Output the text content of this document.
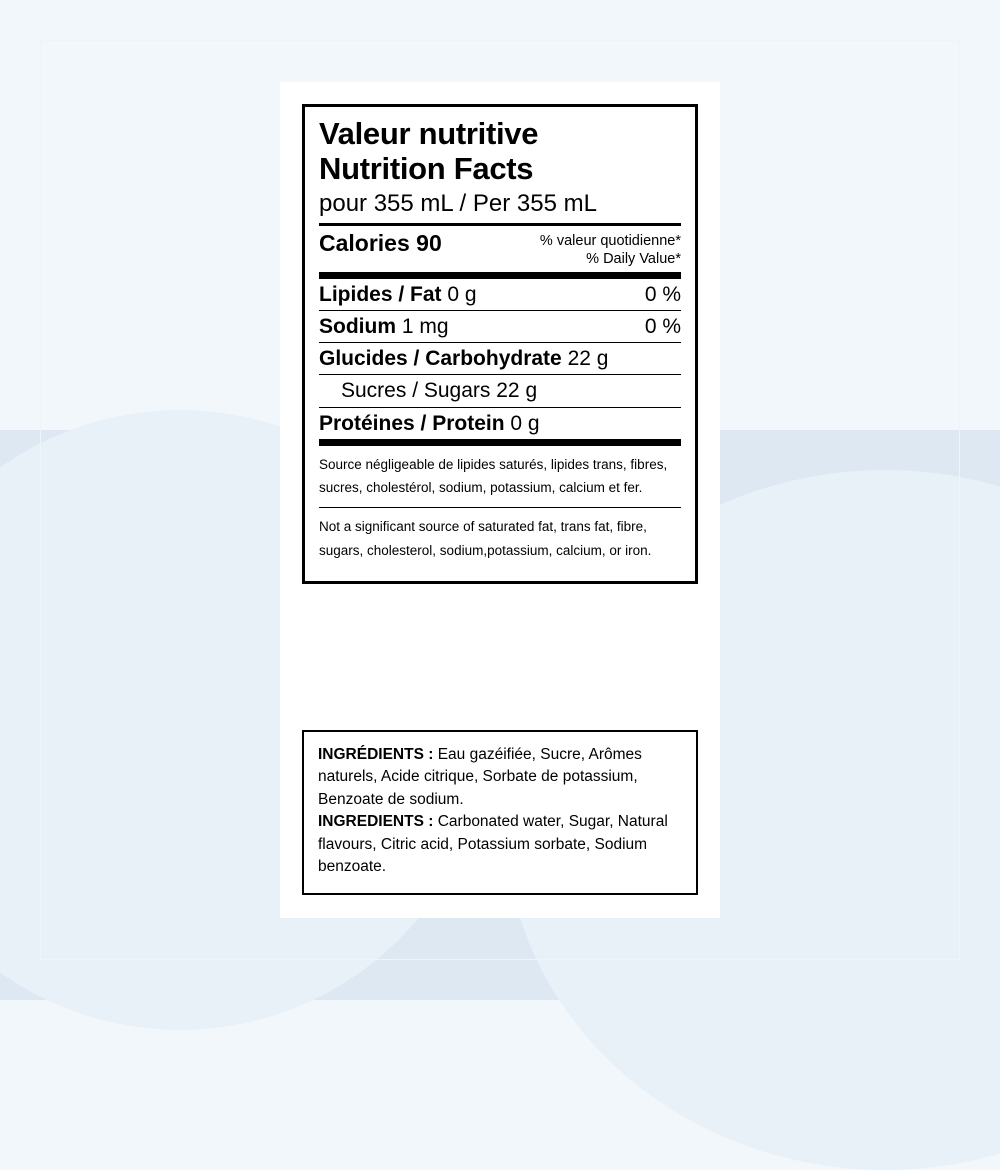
Valeur nutritive
Nutrition Facts
pour 355 mL / Per 355 mL
Calories 90	% valeur quotidienne*
% Daily Value*
Lipides / Fat 0 g	0 %
Sodium 1 mg	0 %
Glucides / Carbohydrate 22 g
Sucres / Sugars 22 g
Protéines / Protein 0 g
Source négligeable de lipides saturés, lipides trans, fibres, sucres, cholestérol, sodium, potassium, calcium et fer.
Not a significant source of saturated fat, trans fat, fibre, sugars, cholesterol, sodium,potassium, calcium, or iron.
INGRÉDIENTS : Eau gazéifiée, Sucre, Arômes naturels, Acide citrique, Sorbate de potassium, Benzoate de sodium.
INGREDIENTS : Carbonated water, Sugar, Natural flavours, Citric acid, Potassium sorbate, Sodium benzoate.
